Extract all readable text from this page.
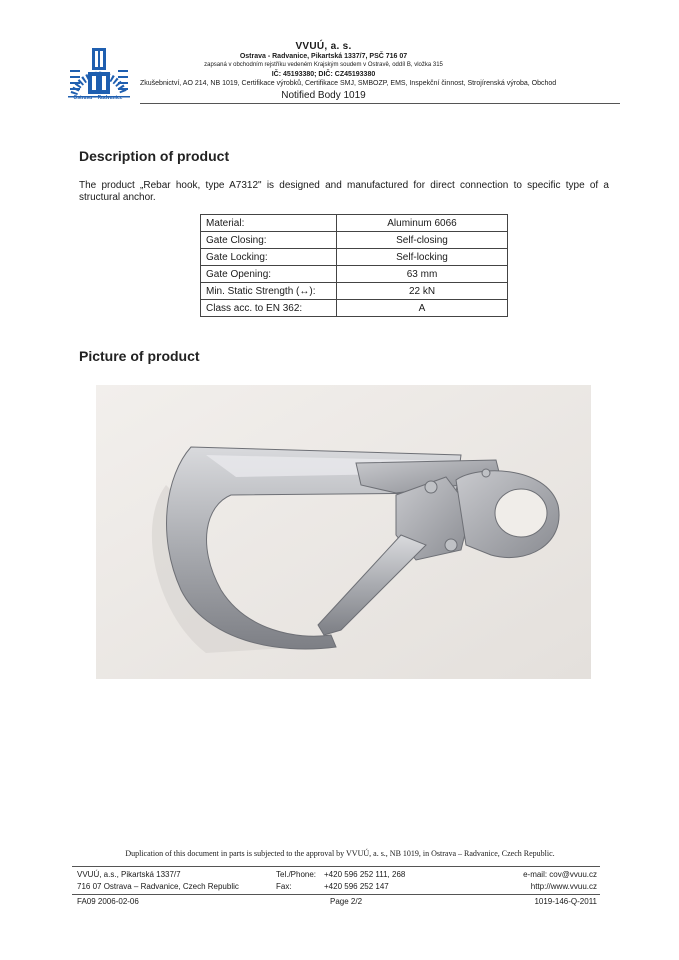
Ostrava – Radvanice
VVUÚ, a. s.
Ostrava - Radvanice, Pikartská 1337/7, PSČ 716 07
zapsaná v obchodním rejstříku vedeném Krajským soudem v Ostravě, oddíl B, vložka 315
IČ: 45193380; DIČ: CZ45193380
Zkušebnictví, AO 214, NB 1019, Certifikace výrobků, Certifikace SMJ, SMBOZP, EMS, Inspekční činnost, Strojírenská výroba, Obchod
Notified Body 1019
Description of product
The product „Rebar hook, type A7312" is designed and manufactured for direct connection to specific type of a structural anchor.
Material:	Aluminum 6066
Gate Closing:	Self-closing
Gate Locking:	Self-locking
Gate Opening:	63 mm
Min. Static Strength (↔):	22 kN
Class acc. to EN 362:	A
Picture of product
Duplication of this document in parts is subjected to the approval by VVUÚ, a. s., NB 1019, in Ostrava – Radvanice, Czech Republic.
VVUÚ, a.s., Pikartská 1337/7
716 07 Ostrava – Radvanice, Czech Republic
Tel./Phone: +420 596 252 111, 268
Fax:	+420 596 252 147
e-mail: cov@vvuu.cz
http://www.vvuu.cz
FA09 2006-02-06	Page 2/2	1019-146-Q-2011
